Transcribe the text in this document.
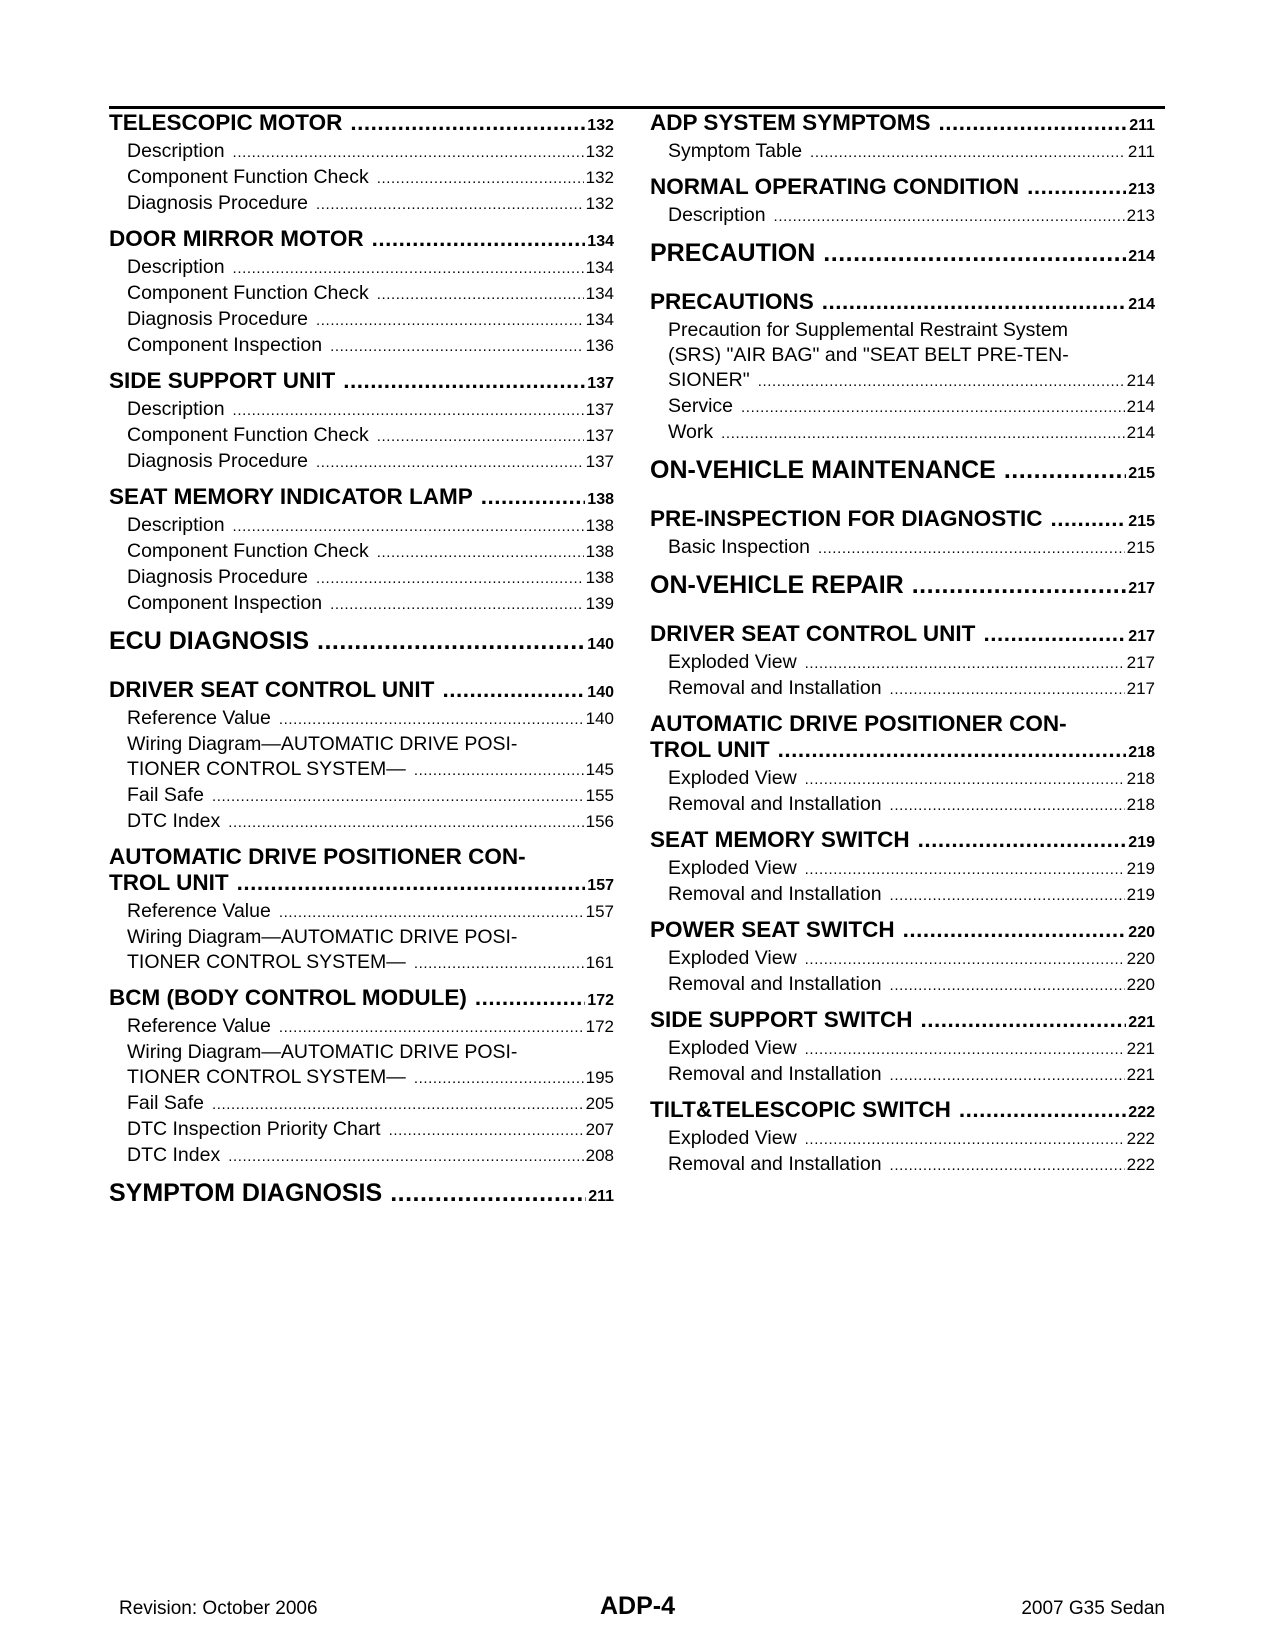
TELESCOPIC MOTOR .....	132
Description .....	132
Component Function Check .....	132
Diagnosis Procedure .....	132
DOOR MIRROR MOTOR .....	134
Description .....	134
Component Function Check .....	134
Diagnosis Procedure .....	134
Component Inspection .....	136
SIDE SUPPORT UNIT .....	137
Description .....	137
Component Function Check .....	137
Diagnosis Procedure .....	137
SEAT MEMORY INDICATOR LAMP .....	138
Description .....	138
Component Function Check .....	138
Diagnosis Procedure .....	138
Component Inspection .....	139
ECU DIAGNOSIS .....	140
DRIVER SEAT CONTROL UNIT .....	140
Reference Value .....	140
Wiring Diagram—AUTOMATIC DRIVE POSI-
TIONER CONTROL SYSTEM— .....	145
Fail Safe .....	155
DTC Index .....	156
AUTOMATIC DRIVE POSITIONER CON-
TROL UNIT .....	157
Reference Value .....	157
Wiring Diagram—AUTOMATIC DRIVE POSI-
TIONER CONTROL SYSTEM— .....	161
BCM (BODY CONTROL MODULE) .....	172
Reference Value .....	172
Wiring Diagram—AUTOMATIC DRIVE POSI-
TIONER CONTROL SYSTEM— .....	195
Fail Safe .....	205
DTC Inspection Priority Chart .....	207
DTC Index .....	208
SYMPTOM DIAGNOSIS .....	211
ADP SYSTEM SYMPTOMS .....	211
Symptom Table .....	211
NORMAL OPERATING CONDITION .....	213
Description .....	213
PRECAUTION .....	214
PRECAUTIONS .....	214
Precaution for Supplemental Restraint System
(SRS) "AIR BAG" and "SEAT BELT PRE-TEN-
SIONER" .....	214
Service .....	214
Work .....	214
ON-VEHICLE MAINTENANCE .....	215
PRE-INSPECTION FOR DIAGNOSTIC .....	215
Basic Inspection .....	215
ON-VEHICLE REPAIR .....	217
DRIVER SEAT CONTROL UNIT .....	217
Exploded View .....	217
Removal and Installation .....	217
AUTOMATIC DRIVE POSITIONER CON-
TROL UNIT .....	218
Exploded View .....	218
Removal and Installation .....	218
SEAT MEMORY SWITCH .....	219
Exploded View .....	219
Removal and Installation .....	219
POWER SEAT SWITCH .....	220
Exploded View .....	220
Removal and Installation .....	220
SIDE SUPPORT SWITCH .....	221
Exploded View .....	221
Removal and Installation .....	221
TILT&TELESCOPIC SWITCH .....	222
Exploded View .....	222
Removal and Installation .....	222
Revision: October 2006	ADP-4	2007 G35 Sedan
